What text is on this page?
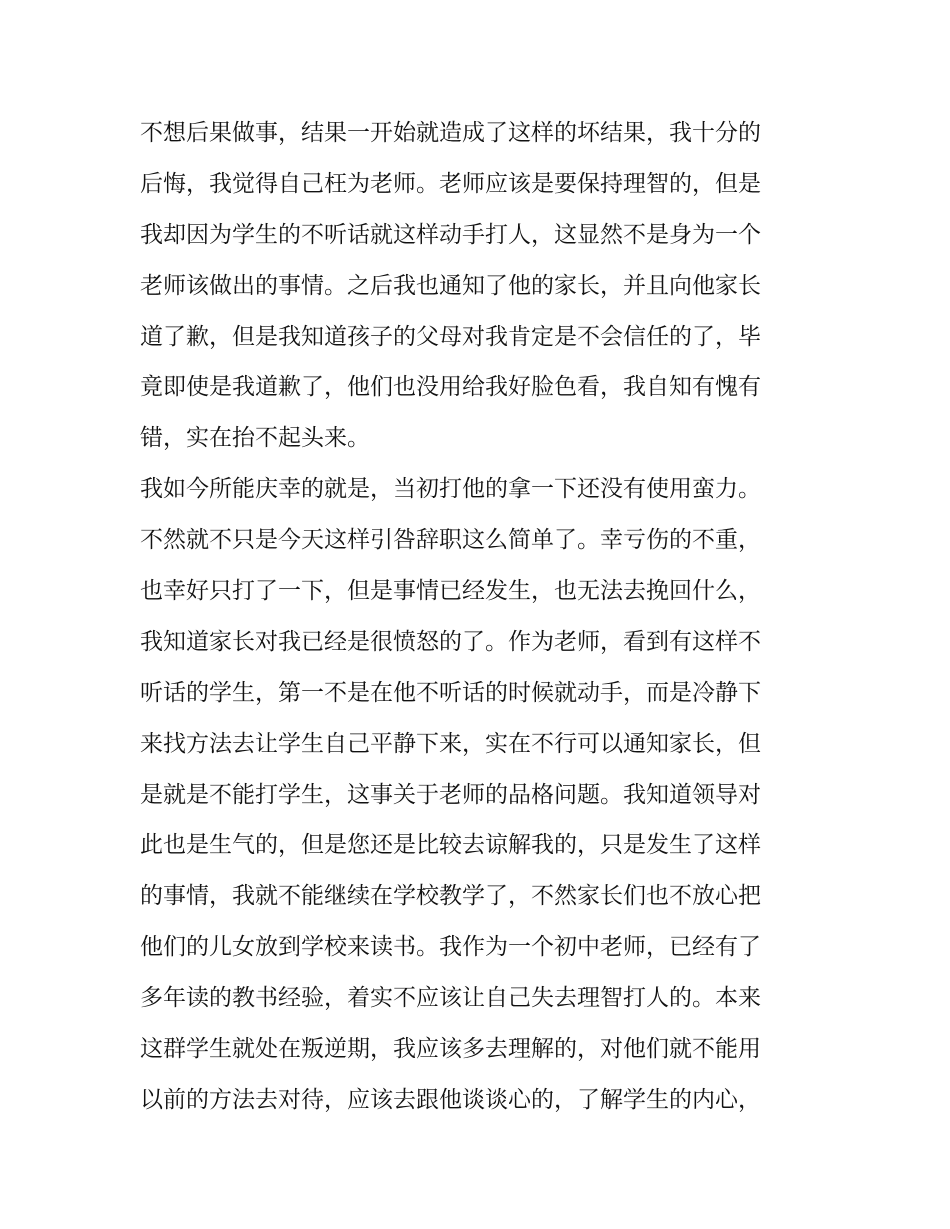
不想后果做事，结果一开始就造成了这样的坏结果，我十分的
后悔，我觉得自己枉为老师。老师应该是要保持理智的，但是
我却因为学生的不听话就这样动手打人，这显然不是身为一个
老师该做出的事情。之后我也通知了他的家长，并且向他家长
道了歉，但是我知道孩子的父母对我肯定是不会信任的了，毕
竟即使是我道歉了，他们也没用给我好脸色看，我自知有愧有
错，实在抬不起头来。
我如今所能庆幸的就是，当初打他的拿一下还没有使用蛮力。
不然就不只是今天这样引咎辞职这么简单了。幸亏伤的不重，
也幸好只打了一下，但是事情已经发生，也无法去挽回什么，
我知道家长对我已经是很愤怒的了。作为老师，看到有这样不
听话的学生，第一不是在他不听话的时候就动手，而是冷静下
来找方法去让学生自己平静下来，实在不行可以通知家长，但
是就是不能打学生，这事关于老师的品格问题。我知道领导对
此也是生气的，但是您还是比较去谅解我的，只是发生了这样
的事情，我就不能继续在学校教学了，不然家长们也不放心把
他们的儿女放到学校来读书。我作为一个初中老师，已经有了
多年读的教书经验，着实不应该让自己失去理智打人的。本来
这群学生就处在叛逆期，我应该多去理解的，对他们就不能用
以前的方法去对待，应该去跟他谈谈心的，了解学生的内心，
